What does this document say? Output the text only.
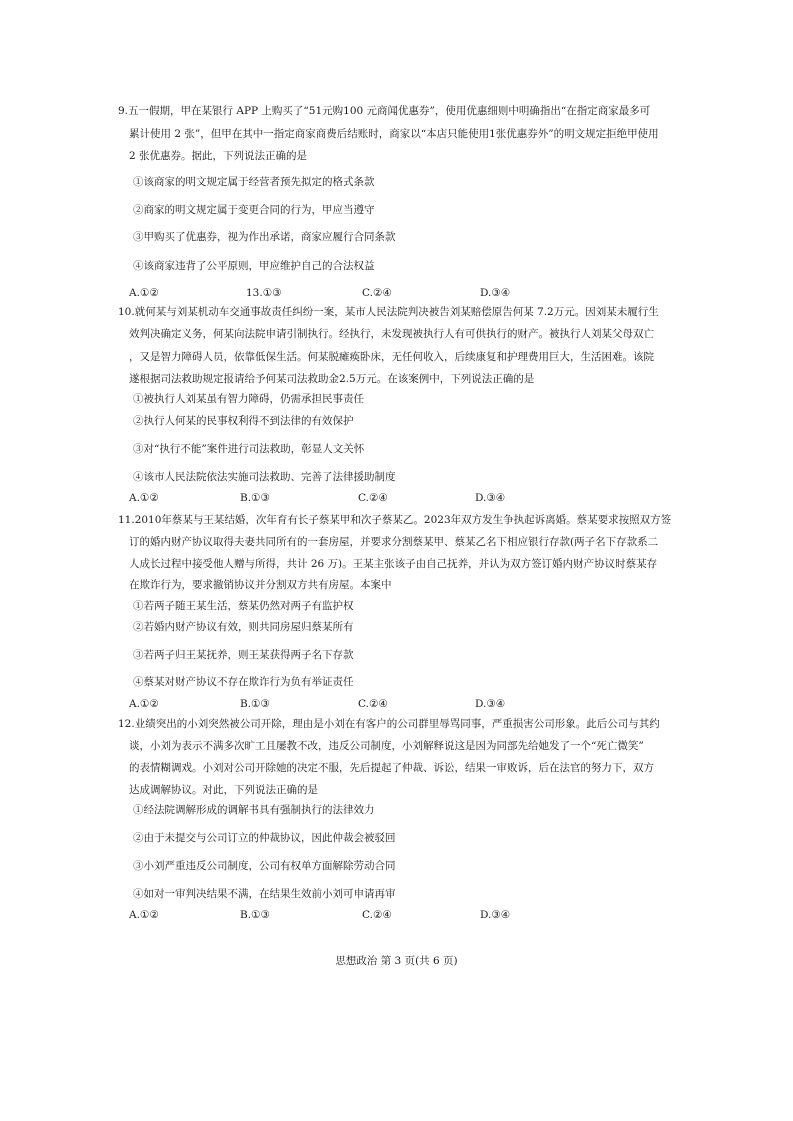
9.五一假期，甲在某银行 APP 上购买了“51元购100 元商闻优惠券”，使用优惠细则中明确指出“在指定商家最多可
累计使用 2 张”，但甲在其中一指定商家商费后结账时，商家以“本店只能使用1张优惠券外”的明文规定拒绝甲使用
2 张优惠券。据此，下列说法正确的是
①该商家的明文规定属于经营者预先拟定的格式条款
②商家的明文规定属于变更合同的行为，甲应当遵守
③甲购买了优惠券，视为作出承诺，商家应履行合同条款
④该商家违背了公平原则，甲应维护自己的合法权益
A.①②	13.①③	C.②④	D.③④
10.就何某与刘某机动车交通事故责任纠纷一案，某市人民法院判决被告刘某赔偿原告何某 7.2万元。因刘某未履行生
效判决确定义务，何某向法院申请引制执行。经执行，未发现被执行人有可供执行的财产。被执行人刘某父母双亡
，又是智力障碍人员，依靠低保生活。何某脱瘫痪卧床，无任何收入，后续康复和护理费用巨大，生活困难。该院
遂根据司法救助规定报请给予何某司法救助金2.5万元。在该案例中，下列说法正确的是
①被执行人刘某虽有智力障碍，仍需承担民事责任
②执行人何某的民事权利得不到法律的有效保护
③对“执行不能”案件进行司法救助，彰显人文关怀
④该市人民法院依法实施司法救助、完善了法律援助制度
A.①②	B.①③	C.②④	D.③④
11.2010年蔡某与王某结婚，次年育有长子蔡某甲和次子蔡某乙。2023年双方发生争执起诉离婚。蔡某要求按照双方签
订的婚内财产协议取得夫妻共同所有的一套房屋，并要求分割蔡某甲、蔡某乙名下相应银行存款(两子名下存款系二
人成长过程中接受他人赠与所得，共计 26 万)。王某主张该子由自己抚养，并认为双方签订婚内财产协议时蔡某存
在欺诈行为，要求撤销协议并分割双方共有房屋。本案中
①若两子随王某生活，蔡某仍然对两子有监护权
②若婚内财产协议有效，则共同房屋归蔡某所有
③若两子归王某抚养，则王某获得两子名下存款
④蔡某对财产协议不存在欺诈行为负有举证责任
A.①②	B.①③	C.②④	D.③④
12.业绩突出的小刘突然被公司开除，理由是小刘在有客户的公司群里辱骂同事，严重损害公司形象。此后公司与其约
谈，小刘为表示不满多次旷工且屡教不改，违反公司制度，小刘解释说这是因为同部先给她发了一个“死亡微笑”
的表情糊调戏。小刘对公司开除她的决定不服，先后提起了仲裁、诉讼，结果一审败诉，后在法官的努力下，双方
达成调解协议。对此，下列说法正确的是
①经法院调解形成的调解书具有强制执行的法律效力
②由于未提交与公司订立的仲裁协议，因此仲裁会被驳回
③小刘严重违反公司制度，公司有权单方面解除劳动合同
④如对一审判决结果不满，在结果生效前小刘可申请再审
A.①②	B.①③	C.②④	D.③④
思想政治 第 3 页(共 6 页)
